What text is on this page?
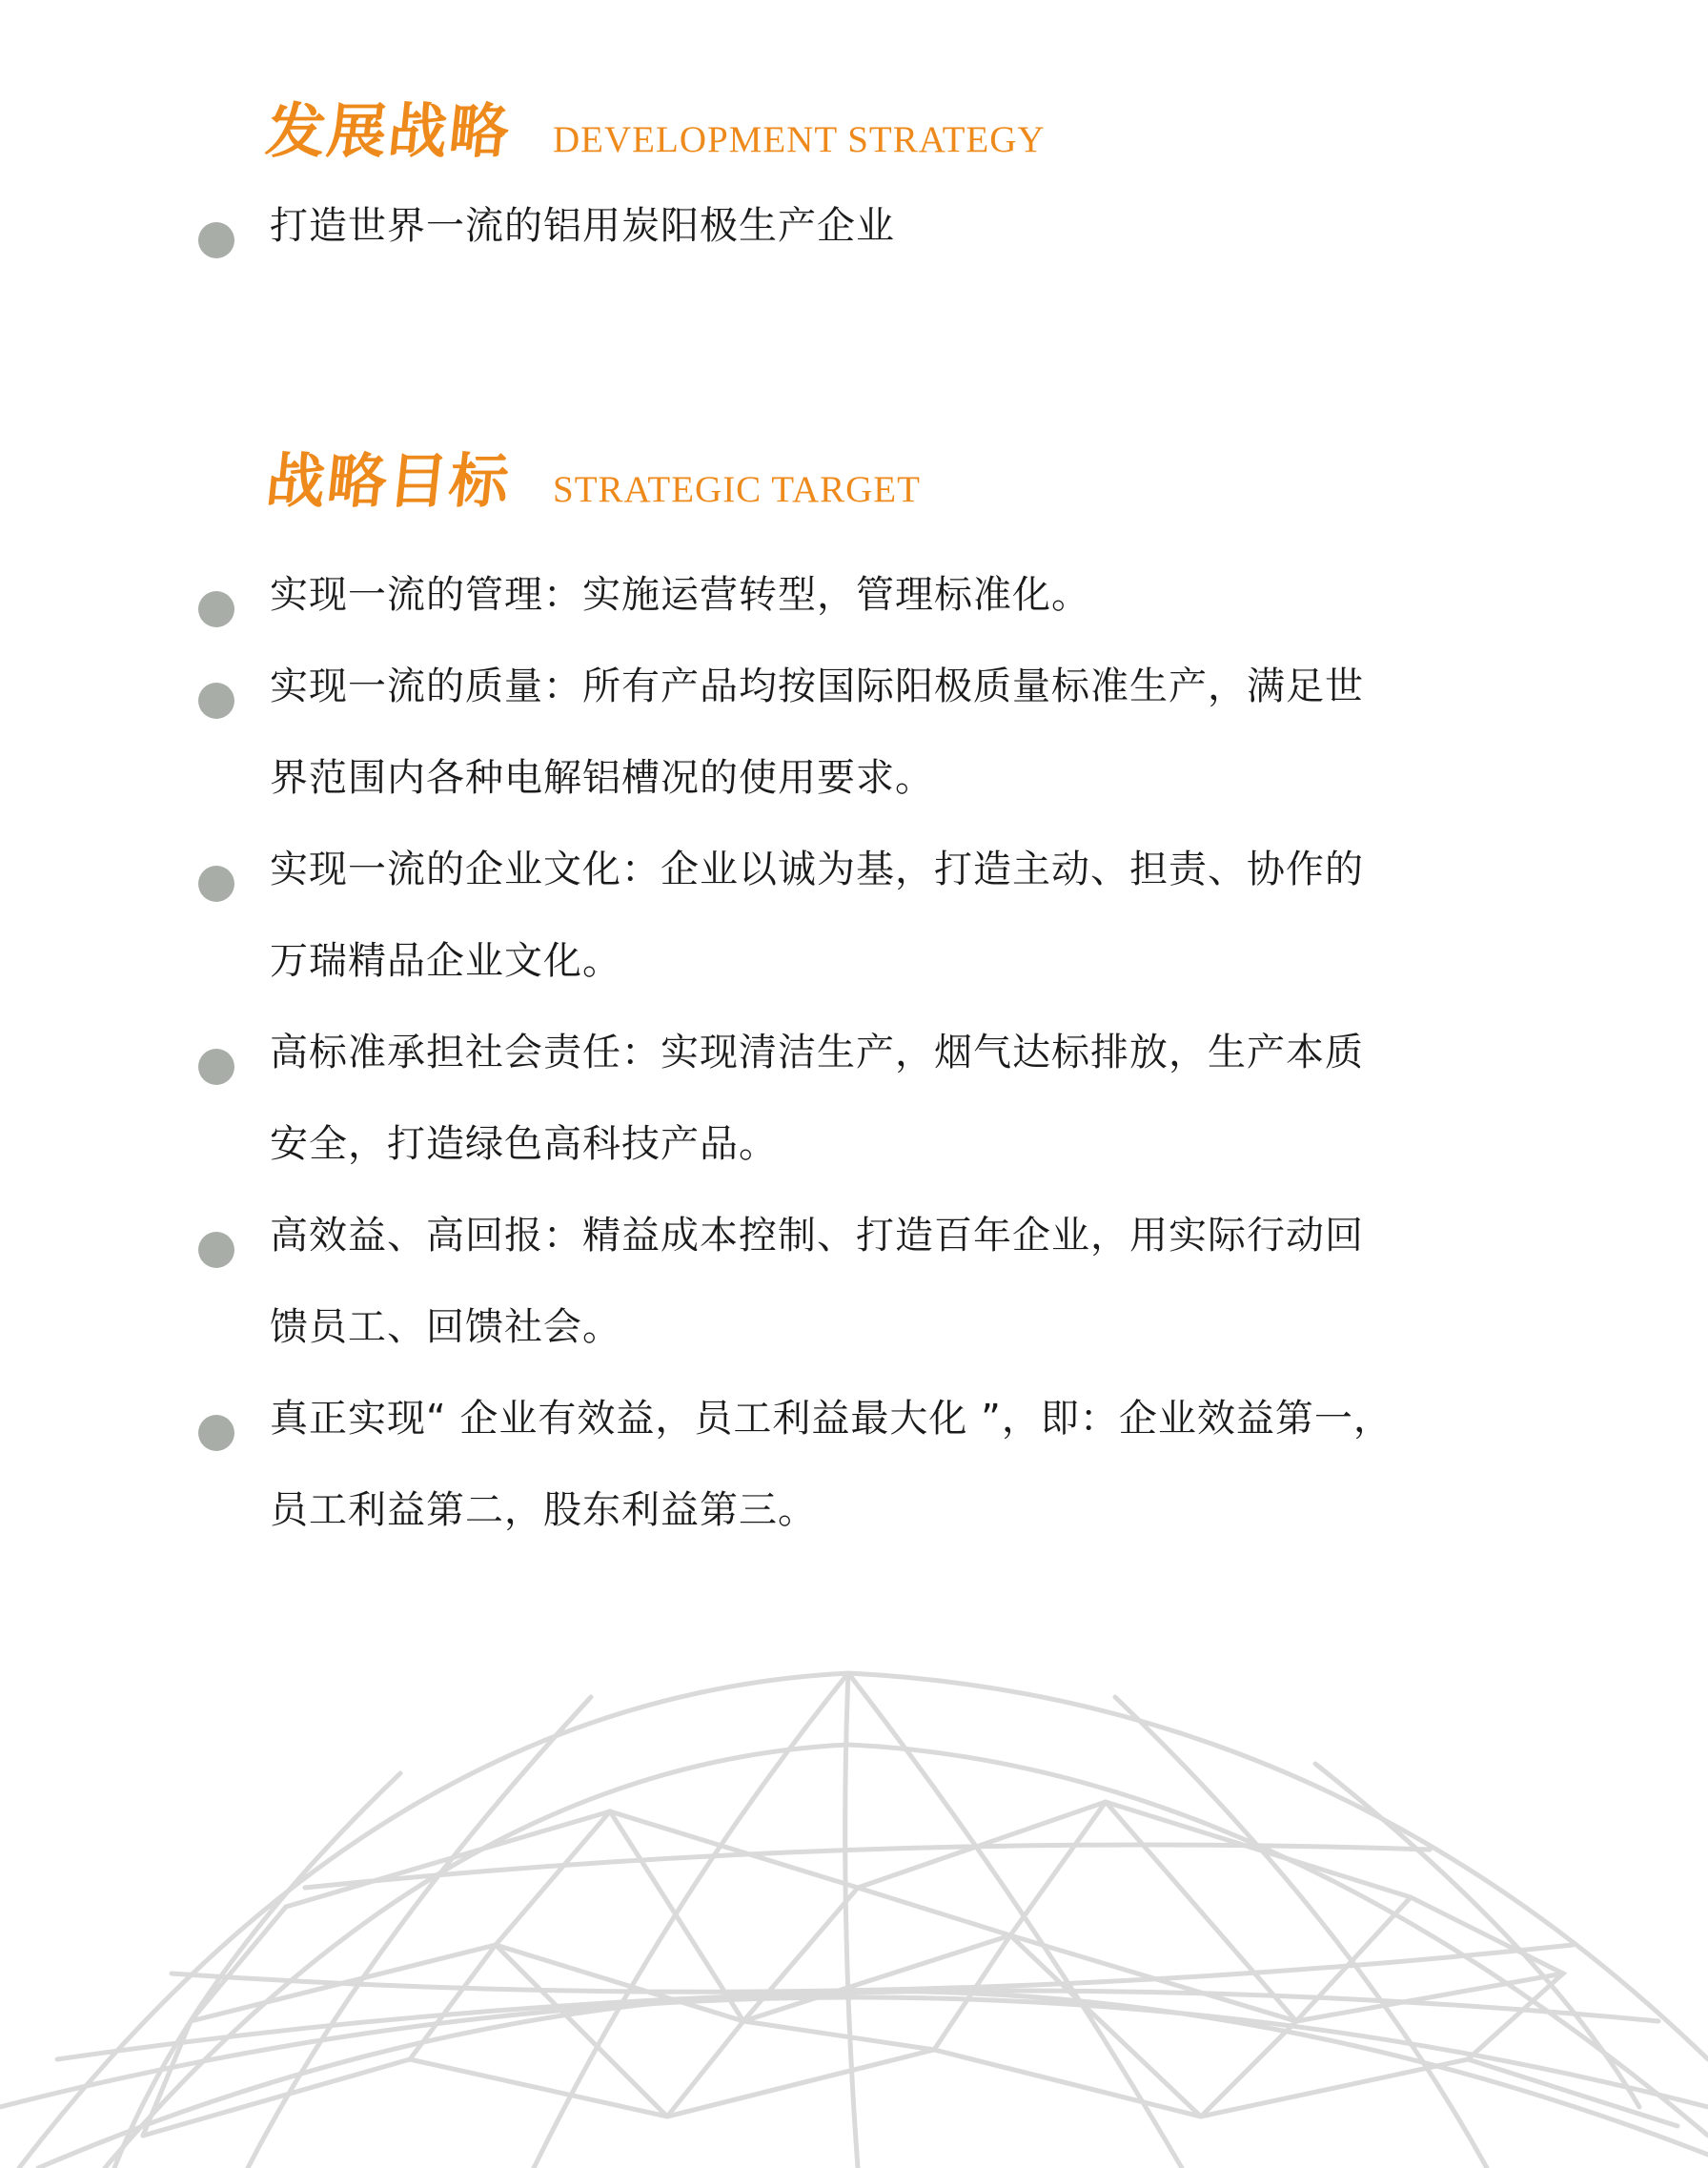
发展战略 DEVELOPMENT STRATEGY

打造世界一流的铝用炭阳极生产企业

战略目标 STRATEGIC TARGET

实现一流的管理：实施运营转型，管理标准化。

实现一流的质量：所有产品均按国际阳极质量标准生产，满足世

界范围内各种电解铝槽况的使用要求。

实现一流的企业文化：企业以诚为基，打造主动、担责、协作的

万瑞精品企业文化。

高标准承担社会责任：实现清洁生产，烟气达标排放，生产本质

安全，打造绿色高科技产品。

高效益、高回报：精益成本控制、打造百年企业，用实际行动回

馈员工、回馈社会。

真正实现“ 企业有效益，员工利益最大化 ”，即：企业效益第一，

员工利益第二，股东利益第三。
